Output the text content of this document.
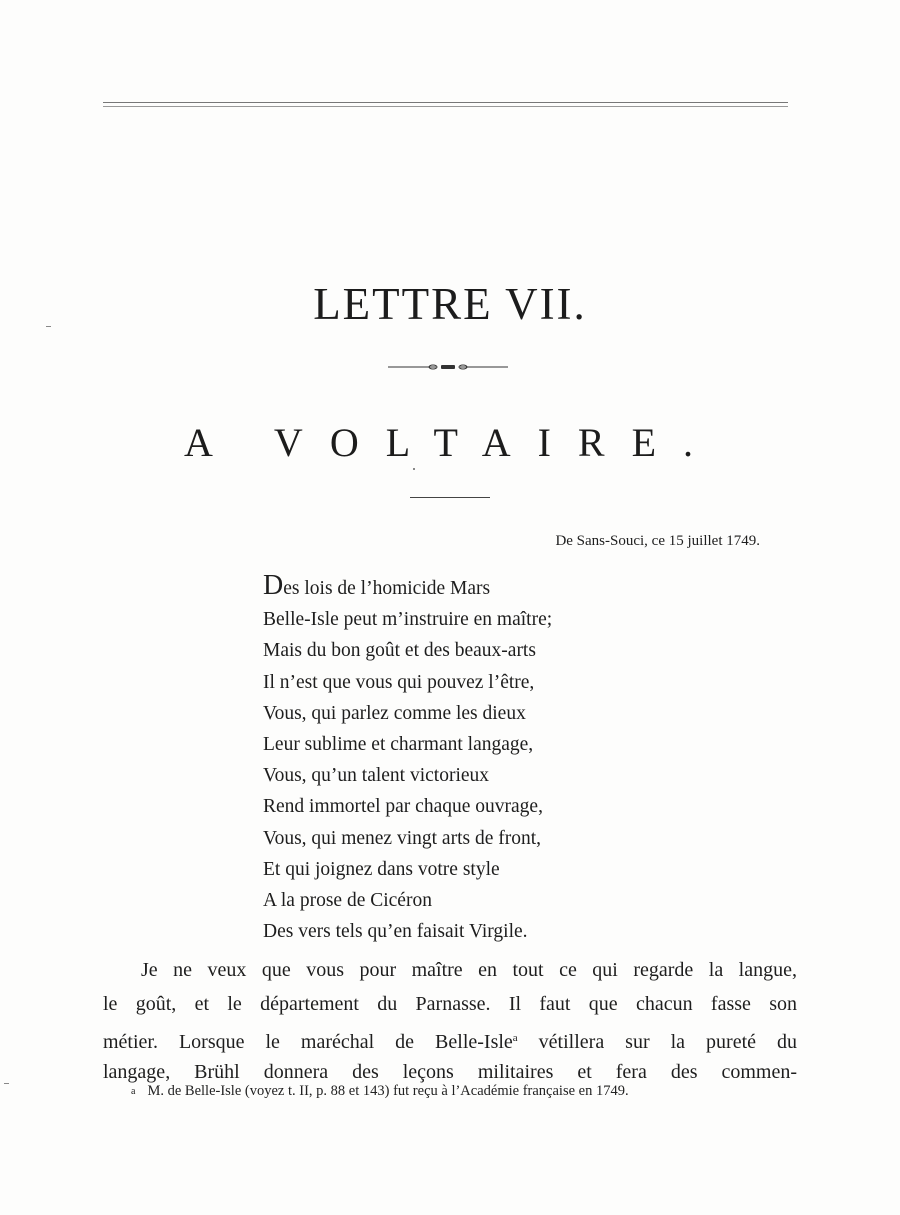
LETTRE VII.
A VOLTAIRE.
De Sans-Souci, ce 15 juillet 1749.
Des lois de l’homicide Mars
Belle-Isle peut m’instruire en maître;
Mais du bon goût et des beaux-arts
Il n’est que vous qui pouvez l’être,
Vous, qui parlez comme les dieux
Leur sublime et charmant langage,
Vous, qu’un talent victorieux
Rend immortel par chaque ouvrage,
Vous, qui menez vingt arts de front,
Et qui joignez dans votre style
A la prose de Cicéron
Des vers tels qu’en faisait Virgile.
Je ne veux que vous pour maître en tout ce qui regarde la langue,
le goût, et le département du Parnasse. Il faut que chacun fasse son
métier. Lorsque le maréchal de Belle-Isle$^a$ vétillera sur la pureté du
langage, Brühl donnera des leçons militaires et fera des commen-
a M. de Belle-Isle (voyez t. II, p. 88 et 143) fut reçu à l’Académie française en 1749.
